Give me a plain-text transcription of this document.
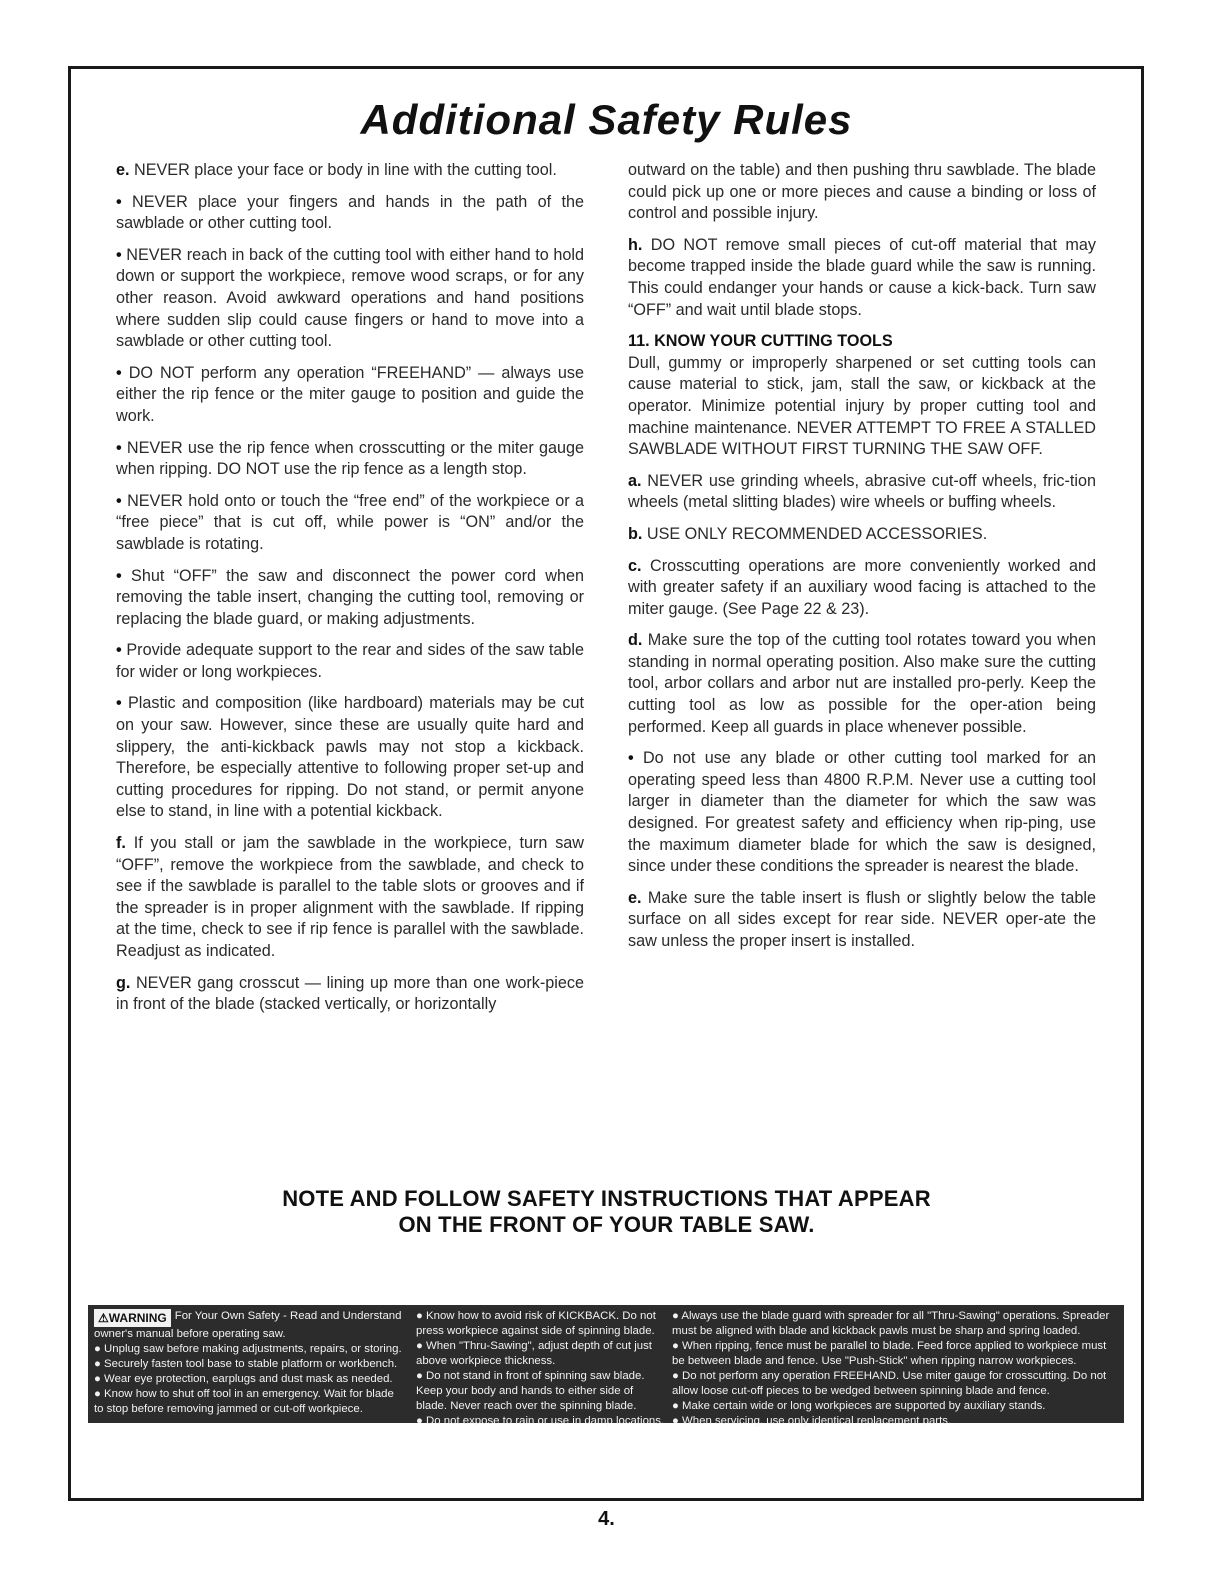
Additional Safety Rules

e. NEVER place your face or body in line with the cutting tool.

• NEVER place your fingers and hands in the path of the sawblade or other cutting tool.

• NEVER reach in back of the cutting tool with either hand to hold down or support the workpiece, remove wood scraps, or for any other reason. Avoid awkward operations and hand positions where sudden slip could cause fingers or hand to move into a sawblade or other cutting tool.

• DO NOT perform any operation “FREEHAND” — always use either the rip fence or the miter gauge to position and guide the work.

• NEVER use the rip fence when crosscutting or the miter gauge when ripping. DO NOT use the rip fence as a length stop.

• NEVER hold onto or touch the “free end” of the workpiece or a “free piece” that is cut off, while power is “ON” and/or the sawblade is rotating.

• Shut “OFF” the saw and disconnect the power cord when removing the table insert, changing the cutting tool, removing or replacing the blade guard, or making adjustments.

• Provide adequate support to the rear and sides of the saw table for wider or long workpieces.

• Plastic and composition (like hardboard) materials may be cut on your saw. However, since these are usually quite hard and slippery, the anti-kickback pawls may not stop a kickback. Therefore, be especially attentive to following proper set-up and cutting procedures for ripping. Do not stand, or permit anyone else to stand, in line with a potential kickback.

f. If you stall or jam the sawblade in the workpiece, turn saw “OFF”, remove the workpiece from the sawblade, and check to see if the sawblade is parallel to the table slots or grooves and if the spreader is in proper alignment with the sawblade. If ripping at the time, check to see if rip fence is parallel with the sawblade. Readjust as indicated.

g. NEVER gang crosscut — lining up more than one work-piece in front of the blade (stacked vertically, or horizontally

outward on the table) and then pushing thru sawblade. The blade could pick up one or more pieces and cause a binding or loss of control and possible injury.

h. DO NOT remove small pieces of cut-off material that may become trapped inside the blade guard while the saw is running. This could endanger your hands or cause a kick-back. Turn saw “OFF” and wait until blade stops.

11. KNOW YOUR CUTTING TOOLS
Dull, gummy or improperly sharpened or set cutting tools can cause material to stick, jam, stall the saw, or kickback at the operator. Minimize potential injury by proper cutting tool and machine maintenance. NEVER ATTEMPT TO FREE A STALLED SAWBLADE WITHOUT FIRST TURNING THE SAW OFF.

a. NEVER use grinding wheels, abrasive cut-off wheels, fric-tion wheels (metal slitting blades) wire wheels or buffing wheels.

b. USE ONLY RECOMMENDED ACCESSORIES.

c. Crosscutting operations are more conveniently worked and with greater safety if an auxiliary wood facing is attached to the miter gauge. (See Page 22 & 23).

d. Make sure the top of the cutting tool rotates toward you when standing in normal operating position. Also make sure the cutting tool, arbor collars and arbor nut are installed pro-perly. Keep the cutting tool as low as possible for the oper-ation being performed. Keep all guards in place whenever possible.

• Do not use any blade or other cutting tool marked for an operating speed less than 4800 R.P.M. Never use a cutting tool larger in diameter than the diameter for which the saw was designed. For greatest safety and efficiency when rip-ping, use the maximum diameter blade for which the saw is designed, since under these conditions the spreader is nearest the blade.

e. Make sure the table insert is flush or slightly below the table surface on all sides except for rear side. NEVER oper-ate the saw unless the proper insert is installed.

NOTE AND FOLLOW SAFETY INSTRUCTIONS THAT APPEAR
ON THE FRONT OF YOUR TABLE SAW.
⚠WARNING For Your Own Safety - Read and Understand
owner's manual before operating saw.
● Unplug saw before making adjustments, repairs, or storing.
● Securely fasten tool base to stable platform or workbench.
● Wear eye protection, earplugs and dust mask as needed.
● Know how to shut off tool in an emergency. Wait for blade
to stop before removing jammed or cut-off workpiece.
● Know how to avoid risk of KICKBACK. Do not
press workpiece against side of spinning blade.
● When "Thru-Sawing", adjust depth of cut just
above workpiece thickness.
● Do not stand in front of spinning saw blade.
Keep your body and hands to either side of
blade. Never reach over the spinning blade.
● Do not expose to rain or use in damp locations.
● Always use the blade guard with spreader for all "Thru-Sawing" operations. Spreader
must be aligned with blade and kickback pawls must be sharp and spring loaded.
● When ripping, fence must be parallel to blade. Feed force applied to workpiece must
be between blade and fence. Use "Push-Stick" when ripping narrow workpieces.
● Do not perform any operation FREEHAND. Use miter gauge for crosscutting. Do not
allow loose cut-off pieces to be wedged between spinning blade and fence.
● Make certain wide or long workpieces are supported by auxiliary stands.
● When servicing, use only identical replacement parts.
4.
